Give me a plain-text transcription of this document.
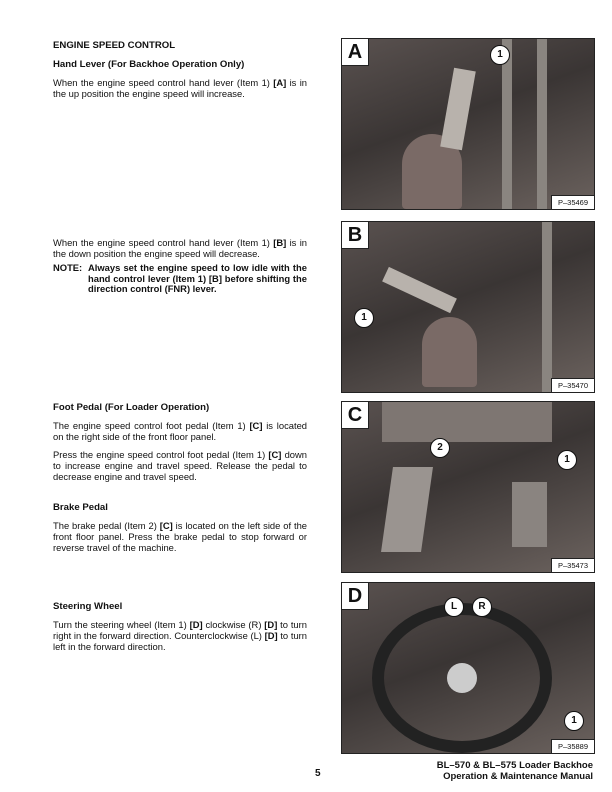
ENGINE SPEED CONTROL
Hand Lever (For Backhoe Operation Only)
When the engine speed control hand lever (Item 1) [A] is in the up position the engine speed will increase.
When the engine speed control hand lever (Item 1) [B] is in the down position the engine speed will decrease.
NOTE: Always set the engine speed to low idle with the hand control lever (Item 1) [B] before shifting the direction control (FNR) lever.
Foot Pedal (For Loader Operation)
The engine speed control foot pedal (Item 1) [C] is located on the right side of the front floor panel.
Press the engine speed control foot pedal (Item 1) [C] down to increase engine and travel speed. Release the pedal to decrease engine and travel speed.
Brake Pedal
The brake pedal (Item 2) [C] is located on the left side of the front floor panel. Press the brake pedal to stop forward or reverse travel of the machine.
Steering Wheel
Turn the steering wheel (Item 1) [D] clockwise (R) [D] to turn right in the forward direction. Counterclockwise (L) [D] to turn left in the forward direction.
A	1
P–35469
B
1
P–35470
C
2
1
P–35473
D	L	R
1
P–35889
5
BL–570 & BL–575 Loader Backhoe
Operation & Maintenance Manual
